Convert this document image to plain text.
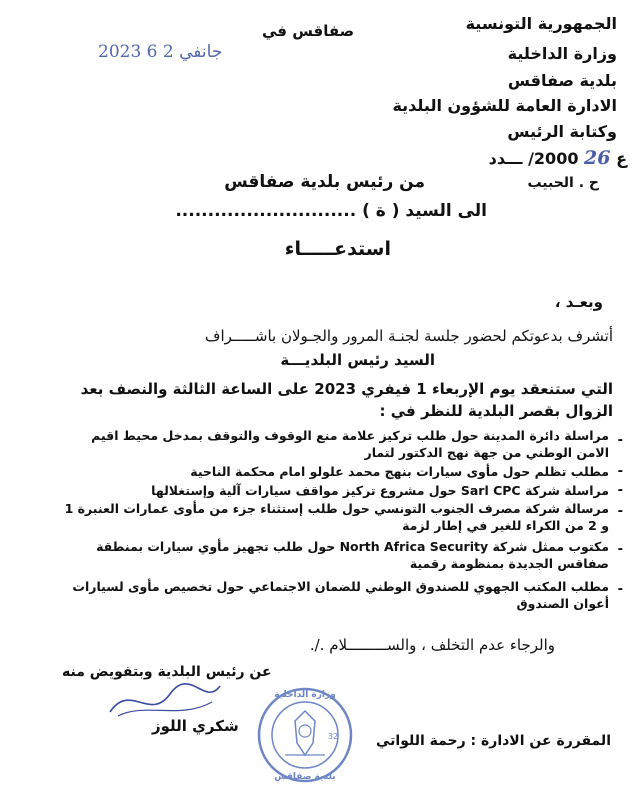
الجمهورية التونسية
وزارة الداخلية
بلدية صفاقس
الادارة العامة للشؤون البلدية
وكتابة الرئيس
ع 26 2000/ ـــدد
ح . الحبيب
صفاقس في
2023 جانفي 2 6
من رئيس بلدية صفاقس
الى السيد ( ة ) ............................
استدعـــــاء
وبعـد ،
أتشرف بدعوتكم لحضور جلسة لجنـة المرور والجـولان باشـــــراف
السيد رئيس البلديـــة
التي ستنعقد يوم الإربعاء 1 فيفري 2023 على الساعة الثالثة والنصف بعد
الزوال بقصر البلدية للنظر في :
-
مراسلة دائرة المدينة حول طلب تركيز علامة منع الوقوف والتوقف بمدخل محيط اقيم الامن الوطني من جهة نهج الدكتور لتمار
-
مطلب تظلم حول مأوى سيارات بنهج محمد علولو امام محكمة الناحية
-
مراسلة شركة Sarl CPC حول مشروع تركيز مواقف سيارات آلية وإستغلالها
-
مرسالة شركة مصرف الجنوب التونسي حول طلب إستثناء جزء من مأوى عمارات العنبرة 1 و 2 من الكراء للغير في إطار لزمة
-
مكتوب ممثل شركة North Africa Security حول طلب تجهيز مأوي سيارات بمنطقة صفاقس الجديدة بمنظومة رقمية
-
مطلب المكتب الجهوي للصندوق الوطني للضمان الاجتماعي حول تخصيص مأوى لسيارات أعوان الصندوق
والرجاء عدم التخلف ، والســـــــــلام ./.
عن رئيس البلدية وبتفويض منه
شكري اللوز
وزارة الداخلية
بلدية صفاقس
32	المقررة عن الادارة : رحمة اللواتي
